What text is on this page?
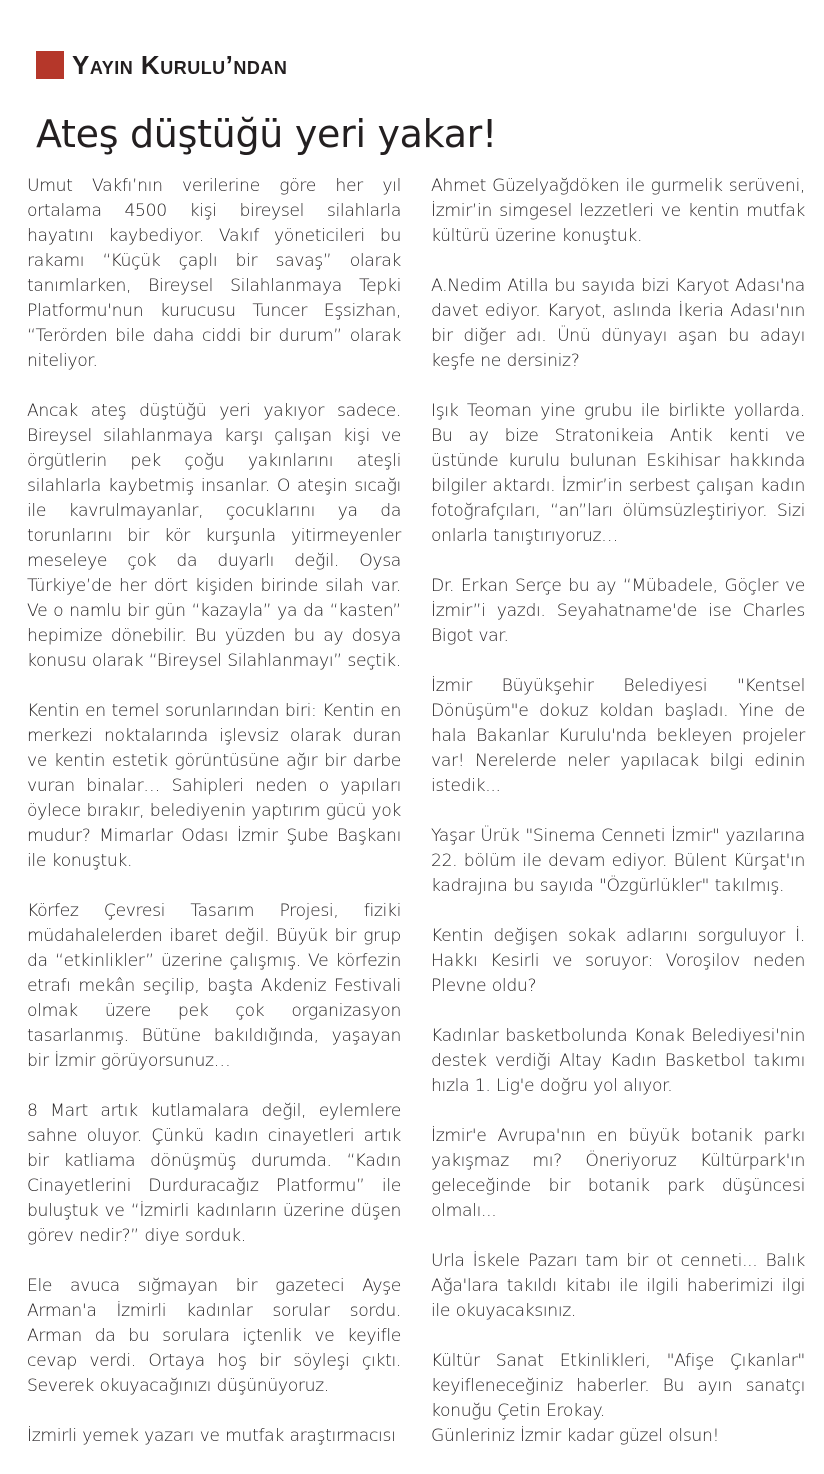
Yayın Kurulu’ndan
Ateş düştüğü yeri yakar!

Umut Vakfı’nın verilerine göre her yıl ortalama 4500 kişi bireysel silahlarla hayatını kaybediyor. Vakıf yöneticileri bu rakamı “Küçük çaplı bir savaş” olarak tanımlarken, Bireysel Silahlanmaya Tepki Platformu'nun kurucusu Tuncer Eşsizhan, “Terörden bile daha ciddi bir durum” olarak niteliyor.

Ancak ateş düştüğü yeri yakıyor sadece. Bireysel silahlanmaya karşı çalışan kişi ve örgütlerin pek çoğu yakınlarını ateşli silahlarla kaybetmiş insanlar. O ateşin sıcağı ile kavrulmayanlar, çocuklarını ya da torunlarını bir kör kurşunla yitirmeyenler meseleye çok da duyarlı değil. Oysa Türkiye’de her dört kişiden birinde silah var. Ve o namlu bir gün “kazayla” ya da “kasten” hepimize dönebilir. Bu yüzden bu ay dosya konusu olarak “Bireysel Silahlanmayı” seçtik.

Kentin en temel sorunlarından biri: Kentin en merkezi noktalarında işlevsiz olarak duran ve kentin estetik görüntüsüne ağır bir darbe vuran binalar… Sahipleri neden o yapıları öylece bırakır, belediyenin yaptırım gücü yok mudur? Mimarlar Odası İzmir Şube Başkanı ile konuştuk.

Körfez Çevresi Tasarım Projesi, fiziki müdahalelerden ibaret değil. Büyük bir grup da “etkinlikler” üzerine çalışmış. Ve körfezin etrafı mekân seçilip, başta Akdeniz Festivali olmak üzere pek çok organizasyon tasarlanmış. Bütüne bakıldığında, yaşayan bir İzmir görüyorsunuz…

8 Mart artık kutlamalara değil, eylemlere sahne oluyor. Çünkü kadın cinayetleri artık bir katliama dönüşmüş durumda. “Kadın Cinayetlerini Durduracağız Platformu” ile buluştuk ve “İzmirli kadınların üzerine düşen görev nedir?” diye sorduk.

Ele avuca sığmayan bir gazeteci Ayşe Arman'a İzmirli kadınlar sorular sordu. Arman da bu sorulara içtenlik ve keyifle cevap verdi. Ortaya hoş bir söyleşi çıktı. Severek okuyacağınızı düşünüyoruz.

İzmirli yemek yazarı ve mutfak araştırmacısı

Ahmet Güzelyağdöken ile gurmelik serüveni, İzmir’in simgesel lezzetleri ve kentin mutfak kültürü üzerine konuştuk.

A.Nedim Atilla bu sayıda bizi Karyot Adası'na davet ediyor. Karyot, aslında İkeria Adası'nın bir diğer adı. Ünü dünyayı aşan bu adayı keşfe ne dersiniz?

Işık Teoman yine grubu ile birlikte yollarda. Bu ay bize Stratonikeia Antik kenti ve üstünde kurulu bulunan Eskihisar hakkında bilgiler aktardı. İzmir’in serbest çalışan kadın fotoğrafçıları, “an”ları ölümsüzleştiriyor. Sizi onlarla tanıştırıyoruz…

Dr. Erkan Serçe bu ay “Mübadele, Göçler ve İzmir”i yazdı. Seyahatname'de ise Charles Bigot var.

İzmir Büyükşehir Belediyesi "Kentsel Dönüşüm"e dokuz koldan başladı. Yine de hala Bakanlar Kurulu'nda bekleyen projeler var! Nerelerde neler yapılacak bilgi edinin istedik...

Yaşar Ürük "Sinema Cenneti İzmir" yazılarına 22. bölüm ile devam ediyor. Bülent Kürşat'ın kadrajına bu sayıda "Özgürlükler" takılmış.

Kentin değişen sokak adlarını sorguluyor İ. Hakkı Kesirli ve soruyor: Voroşilov neden Plevne oldu?

Kadınlar basketbolunda Konak Belediyesi'nin destek verdiği Altay Kadın Basketbol takımı hızla 1. Lig'e doğru yol alıyor.

İzmir'e Avrupa'nın en büyük botanik parkı yakışmaz mı? Öneriyoruz Kültürpark'ın geleceğinde bir botanik park düşüncesi olmalı...

Urla İskele Pazarı tam bir ot cenneti... Balık Ağa'lara takıldı kitabı ile ilgili haberimizi ilgi ile okuyacaksınız.

Kültür Sanat Etkinlikleri, "Afişe Çıkanlar" keyifleneceğiniz haberler. Bu ayın sanatçı konuğu Çetin Erokay.

Günleriniz İzmir kadar güzel olsun!
